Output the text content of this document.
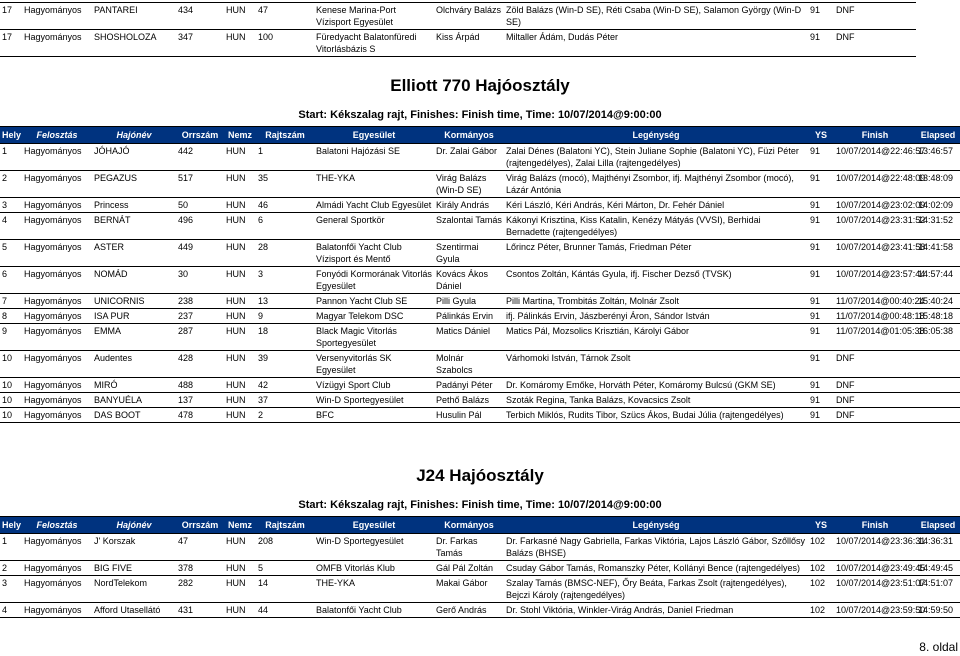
17	Hagyományos	PANTAREI	434	HUN	47	Kenese Marina-Port Vízisport Egyesület	Olchváry Balázs	Zöld Balázs (Win-D SE), Réti Csaba (Win-D SE), Salamon György (Win-D SE)	91	DNF
17	Hagyományos	SHOSHOLOZA	347	HUN	100	Füredyacht Balatonfüredi Vitorlásbázis S	Kiss Árpád	Miltaller Ádám, Dudás Péter	91	DNF
Elliott 770 Hajóosztály
Start: Kékszalag rajt, Finishes: Finish time, Time: 10/07/2014@9:00:00
Hely	Felosztás	Hajónév	Orrszám	Nemz	Rajtszám	Egyesület	Kormányos	Legénység	YS	Finish	Elapsed
1	Hagyományos	JÓHAJÓ	442	HUN	1	Balatoni Hajózási SE	Dr. Zalai Gábor	Zalai Dénes (Balatoni YC), Stein Juliane Sophie (Balatoni YC), Füzi Péter (rajtengedélyes), Zalai Lilla (rajtengedélyes)	91	10/07/2014@22:46:57	13:46:57
2	Hagyományos	PEGAZUS	517	HUN	35	THE-YKA	Virág Balázs (Win-D SE)	Virág Balázs (mocó), Majthényi Zsombor, ifj. Majthényi Zsombor (mocó), Lázár Antónia	91	10/07/2014@22:48:09	13:48:09
3	Hagyományos	Princess	50	HUN	46	Almádi Yacht Club Egyesület	Király András	Kéri László, Kéri András, Kéri Márton, Dr. Fehér Dániel	91	10/07/2014@23:02:09	14:02:09
4	Hagyományos	BERNÁT	496	HUN	6	General Sportkör	Szalontai Tamás	Kákonyi Krisztina, Kiss Katalin, Kenézy Mátyás (VVSI), Berhidai Bernadette (rajtengedélyes)	91	10/07/2014@23:31:52	14:31:52
5	Hagyományos	ASTER	449	HUN	28	Balatonfői Yacht Club Vízisport és Mentő	Szentirmai Gyula	Lőrincz Péter, Brunner Tamás, Friedman Péter	91	10/07/2014@23:41:58	14:41:58
6	Hagyományos	NOMÁD	30	HUN	3	Fonyódi Kormorának Vitorlás Egyesület	Kovács Ákos Dániel	Csontos Zoltán, Kántás Gyula, ifj. Fischer Dezső (TVSK)	91	10/07/2014@23:57:44	14:57:44
7	Hagyományos	UNICORNIS	238	HUN	13	Pannon Yacht Club SE	Pilli Gyula	Pilli Martina, Trombitás Zoltán, Molnár Zsolt	91	11/07/2014@00:40:24	15:40:24
8	Hagyományos	ISA PUR	237	HUN	9	Magyar Telekom DSC	Pálinkás Ervin	ifj. Pálinkás Ervin, Jászberényi Áron, Sándor István	91	11/07/2014@00:48:18	15:48:18
9	Hagyományos	EMMA	287	HUN	18	Black Magic Vitorlás Sportegyesület	Matics Dániel	Matics Pál, Mozsolics Krisztián, Károlyi Gábor	91	11/07/2014@01:05:38	16:05:38
10	Hagyományos	Audentes	428	HUN	39	Versenyvitorlás SK Egyesület	Molnár Szabolcs	Várhomoki István, Tárnok Zsolt	91	DNF	
10	Hagyományos	MIRÓ	488	HUN	42	Vízügyi Sport Club	Padányi Péter	Dr. Komáromy Emőke, Horváth Péter, Komáromy Bulcsú (GKM SE)	91	DNF	
10	Hagyományos	BANYUÉLA	137	HUN	37	Win-D Sportegyesület	Pethő Balázs	Szoták Regina, Tanka Balázs, Kovacsics Zsolt	91	DNF	
10	Hagyományos	DAS BOOT	478	HUN	2	BFC	Husulin Pál	Terbich Miklós, Rudits Tibor, Szücs Ákos, Budai Júlia (rajtengedélyes)	91	DNF	
J24 Hajóosztály
Start: Kékszalag rajt, Finishes: Finish time, Time: 10/07/2014@9:00:00
Hely	Felosztás	Hajónév	Orrszám	Nemz	Rajtszám	Egyesület	Kormányos	Legénység	YS	Finish	Elapsed
1	Hagyományos	J' Korszak	47	HUN	208	Win-D Sportegyesület	Dr. Farkas Tamás	Dr. Farkasné Nagy Gabriella, Farkas Viktória, Lajos László Gábor, Szőllősy Balázs (BHSE)	102	10/07/2014@23:36:31	14:36:31
2	Hagyományos	BIG FIVE	378	HUN	5	OMFB Vitorlás Klub	Gál Pál Zoltán	Csuday Gábor Tamás, Romanszky Péter, Kollányi Bence (rajtengedélyes)	102	10/07/2014@23:49:45	14:49:45
3	Hagyományos	NordTelekom	282	HUN	14	THE-YKA	Makai Gábor	Szalay Tamás (BMSC-NEF), Őry Beáta, Farkas Zsolt (rajtengedélyes), Bejczi Károly (rajtengedélyes)	102	10/07/2014@23:51:07	14:51:07
4	Hagyományos	Afford Utasellátó	431	HUN	44	Balatonfői Yacht Club	Gerő András	Dr. Stohl Viktória, Winkler-Virág András, Daniel Friedman	102	10/07/2014@23:59:50	14:59:50
8. oldal
